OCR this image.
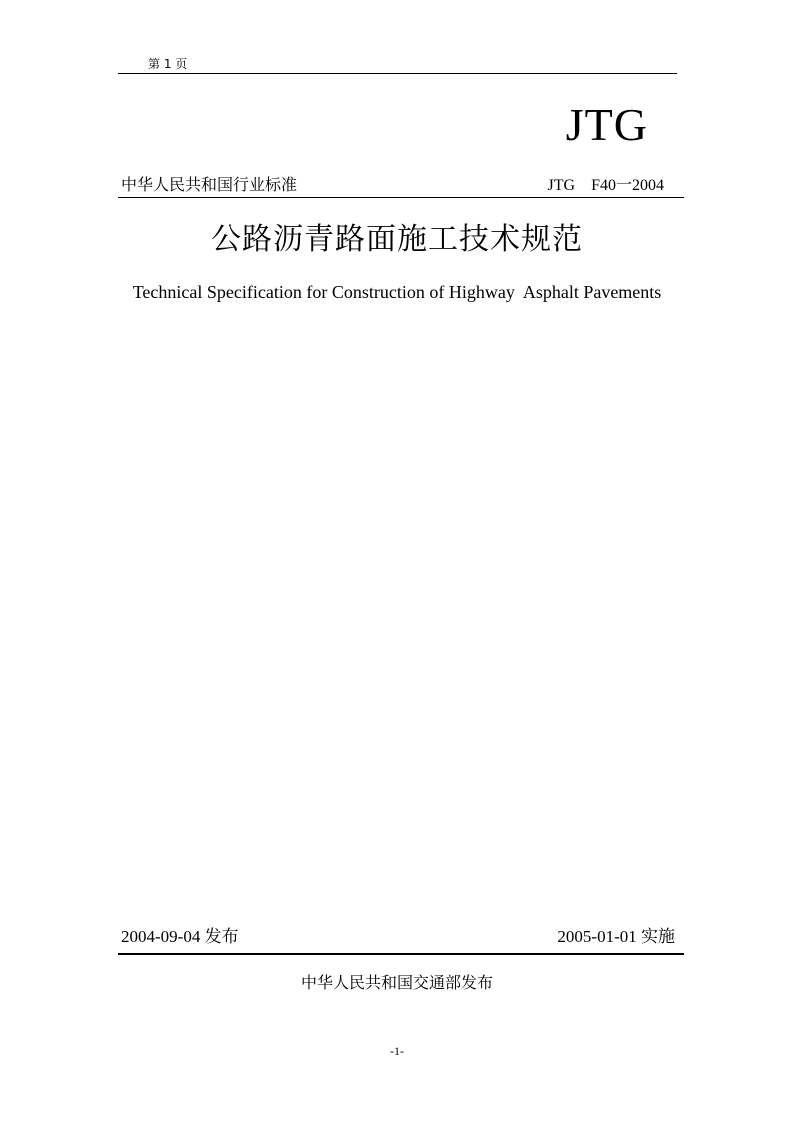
第 1 页
JTG
中华人民共和国行业标准	JTG    F40一2004
公路沥青路面施工技术规范
Technical Specification for Construction of Highway  Asphalt Pavements
2004-09-04 发布	2005-01-01 实施
中华人民共和国交通部发布
-1-
